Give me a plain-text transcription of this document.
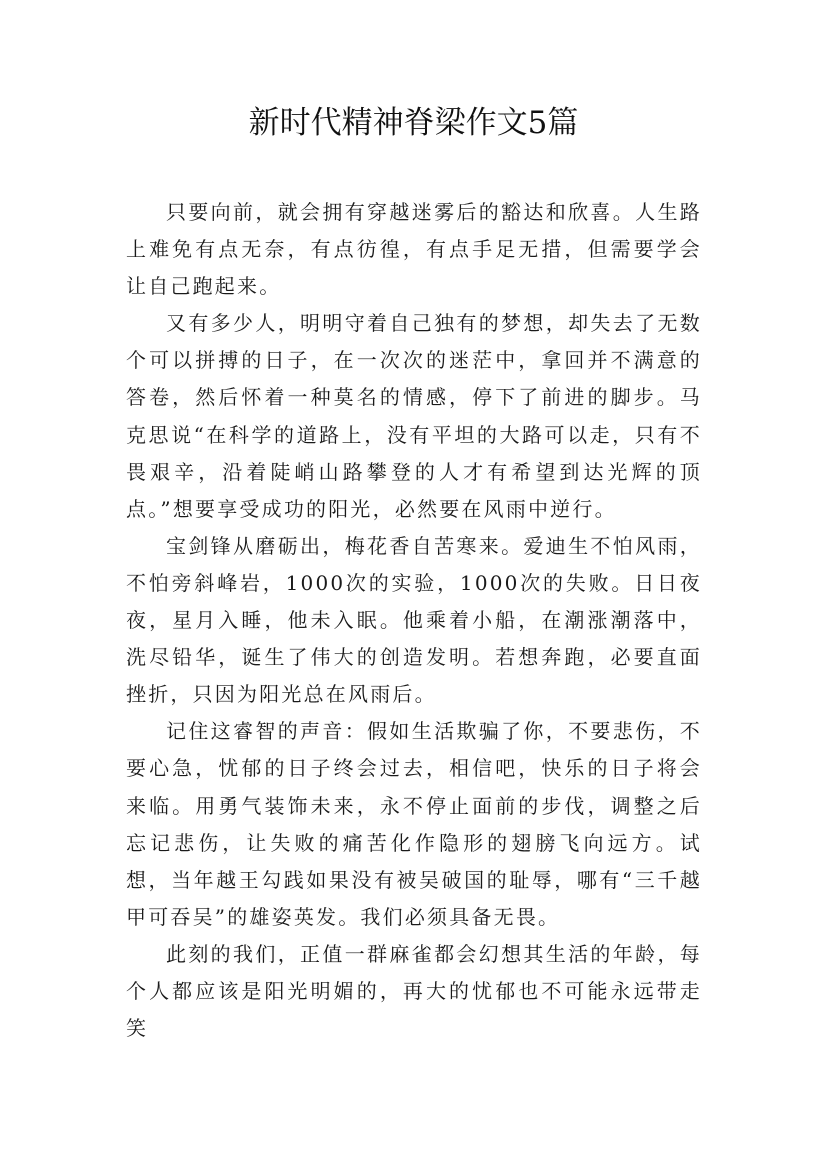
新时代精神脊梁作文5篇

只要向前，就会拥有穿越迷雾后的豁达和欣喜。人生路上难免有点无奈，有点彷徨，有点手足无措，但需要学会让自己跑起来。

又有多少人，明明守着自己独有的梦想，却失去了无数个可以拼搏的日子，在一次次的迷茫中，拿回并不满意的答卷，然后怀着一种莫名的情感，停下了前进的脚步。马克思说“在科学的道路上，没有平坦的大路可以走，只有不畏艰辛，沿着陡峭山路攀登的人才有希望到达光辉的顶点。”想要享受成功的阳光，必然要在风雨中逆行。

宝剑锋从磨砺出，梅花香自苦寒来。爱迪生不怕风雨，不怕旁斜峰岩，1000次的实验，1000次的失败。日日夜夜，星月入睡，他未入眠。他乘着小船，在潮涨潮落中，洗尽铅华，诞生了伟大的创造发明。若想奔跑，必要直面挫折，只因为阳光总在风雨后。

记住这睿智的声音：假如生活欺骗了你，不要悲伤，不要心急，忧郁的日子终会过去，相信吧，快乐的日子将会来临。用勇气装饰未来，永不停止面前的步伐，调整之后忘记悲伤，让失败的痛苦化作隐形的翅膀飞向远方。试想，当年越王勾践如果没有被吴破国的耻辱，哪有“三千越甲可吞吴”的雄姿英发。我们必须具备无畏。

此刻的我们，正值一群麻雀都会幻想其生活的年龄，每个人都应该是阳光明媚的，再大的忧郁也不可能永远带走笑
